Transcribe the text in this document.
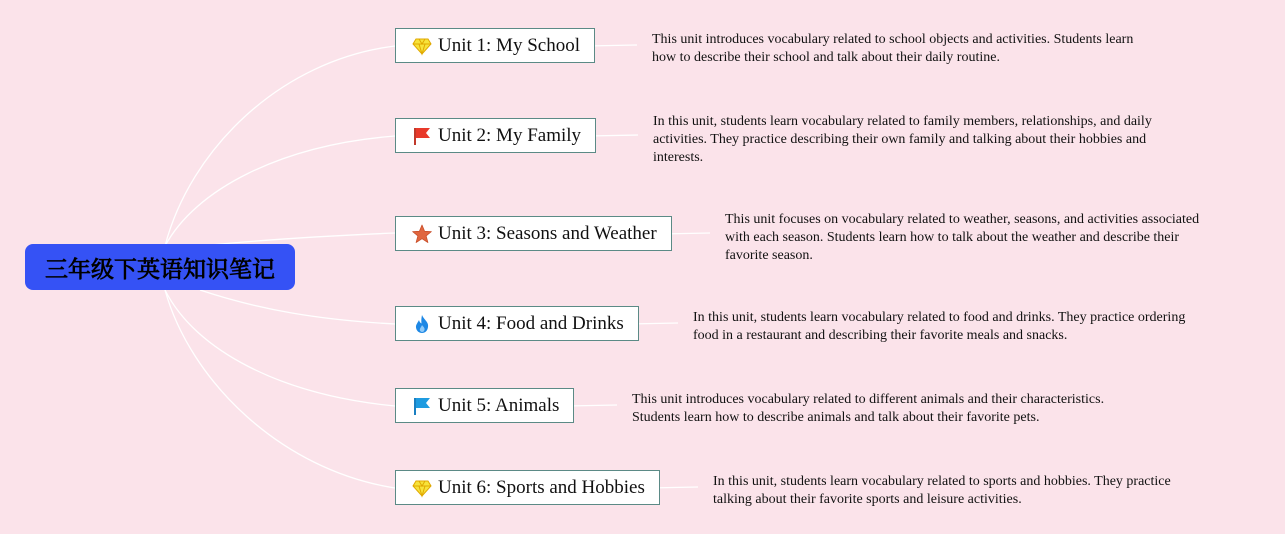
三年级下英语知识笔记
Unit 1: My School	This unit introduces vocabulary related to school objects and activities. Students learn how to describe their school and talk about their daily routine.
Unit 2: My Family
In this unit, students learn vocabulary related to family members, relationships, and daily activities. They practice describing their own family and talking about their hobbies and interests.
Unit 3: Seasons and Weather
This unit focuses on vocabulary related to weather, seasons, and activities associated with each season. Students learn how to talk about the weather and describe their favorite season.
Unit 4: Food and Drinks	In this unit, students learn vocabulary related to food and drinks. They practice ordering food in a restaurant and describing their favorite meals and snacks.
Unit 5: Animals	This unit introduces vocabulary related to different animals and their characteristics. Students learn how to describe animals and talk about their favorite pets.
Unit 6: Sports and Hobbies	In this unit, students learn vocabulary related to sports and hobbies. They practice talking about their favorite sports and leisure activities.
